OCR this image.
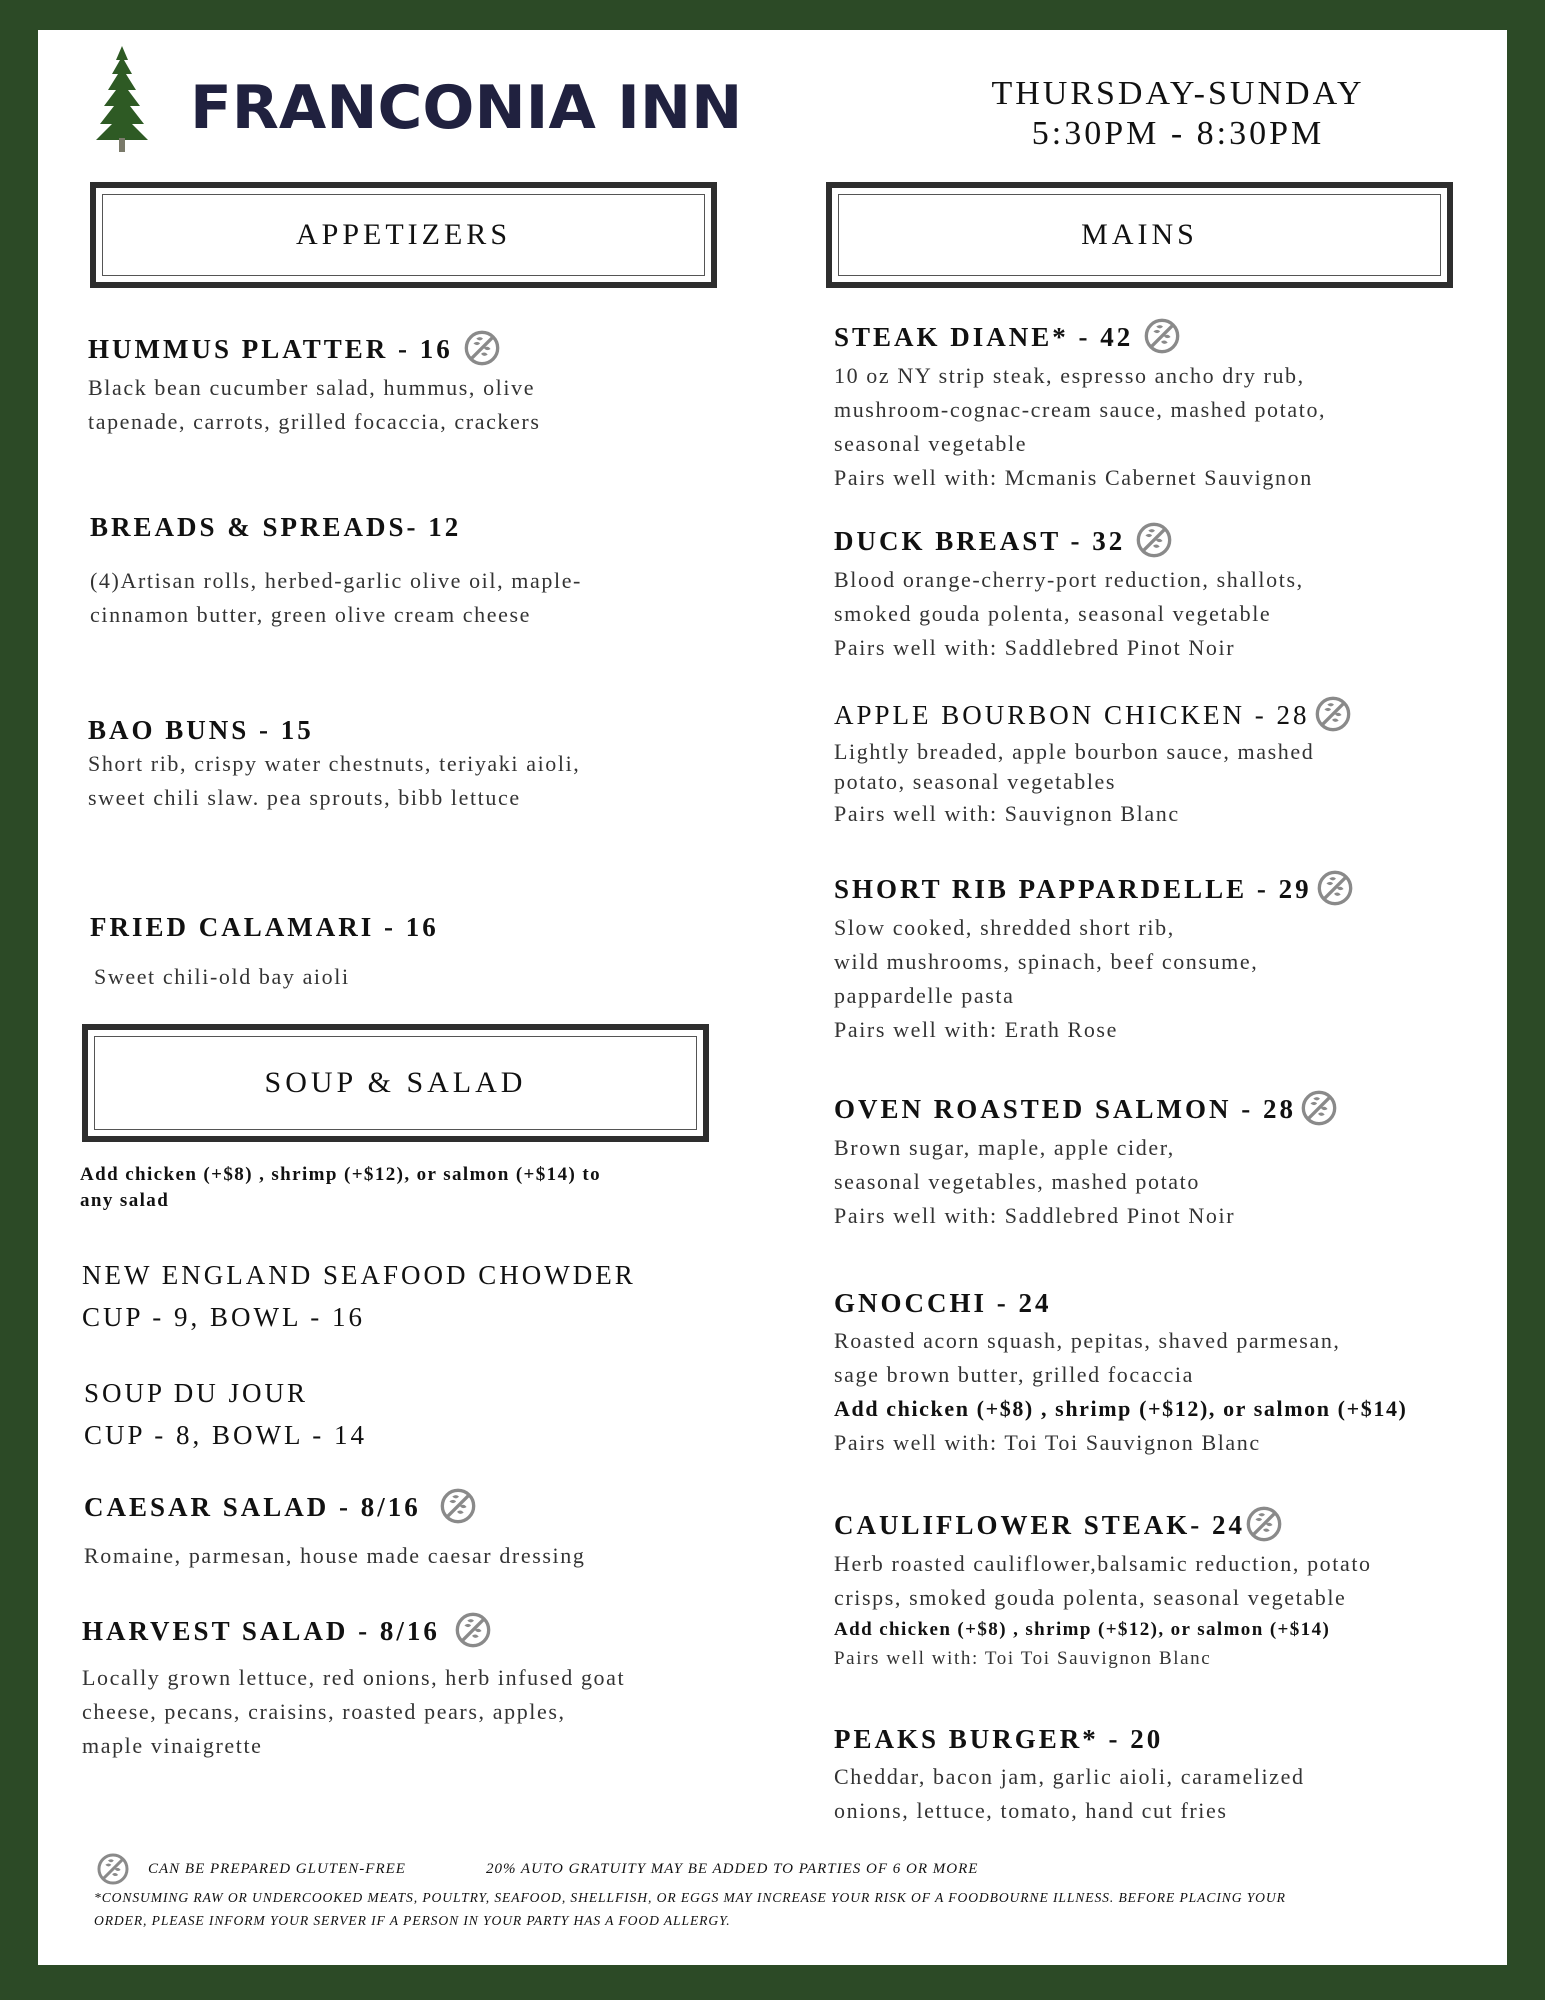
FRANCONIA INN	THURSDAY-SUNDAY
5:30PM - 8:30PM
APPETIZERS	MAINS
HUMMUS PLATTER - 16
Black bean cucumber salad, hummus, olive
tapenade, carrots, grilled focaccia, crackers
BREADS & SPREADS- 12
(4)Artisan rolls, herbed-garlic olive oil, maple-
cinnamon butter, green olive cream cheese
BAO BUNS - 15
Short rib, crispy water chestnuts, teriyaki aioli,
sweet chili slaw. pea sprouts, bibb lettuce
FRIED CALAMARI - 16
Sweet chili-old bay aioli
SOUP & SALAD
Add chicken (+$8) , shrimp (+$12), or salmon (+$14) to
any salad
NEW ENGLAND SEAFOOD CHOWDER
CUP - 9, BOWL - 16
SOUP DU JOUR
CUP - 8, BOWL - 14
CAESAR SALAD - 8/16
Romaine, parmesan, house made caesar dressing
HARVEST SALAD - 8/16
Locally grown lettuce, red onions, herb infused goat
cheese, pecans, craisins, roasted pears, apples,
maple vinaigrette
STEAK DIANE* - 42
10 oz NY strip steak, espresso ancho dry rub,
mushroom-cognac-cream sauce, mashed potato,
seasonal vegetable
Pairs well with: Mcmanis Cabernet Sauvignon
DUCK BREAST - 32
Blood orange-cherry-port reduction, shallots,
smoked gouda polenta, seasonal vegetable
Pairs well with: Saddlebred Pinot Noir
APPLE BOURBON CHICKEN - 28
Lightly breaded, apple bourbon sauce, mashed
potato, seasonal vegetables
Pairs well with: Sauvignon Blanc
SHORT RIB PAPPARDELLE - 29
Slow cooked, shredded short rib,
wild mushrooms, spinach, beef consume,
pappardelle pasta
Pairs well with: Erath Rose
OVEN ROASTED SALMON - 28
Brown sugar, maple, apple cider,
seasonal vegetables, mashed potato
Pairs well with: Saddlebred Pinot Noir
GNOCCHI - 24
Roasted acorn squash, pepitas, shaved parmesan,
sage brown butter, grilled focaccia
Add chicken (+$8) , shrimp (+$12), or salmon (+$14)
Pairs well with: Toi Toi Sauvignon Blanc
CAULIFLOWER STEAK- 24
Herb roasted cauliflower,balsamic reduction, potato
crisps, smoked gouda polenta, seasonal vegetable
Add chicken (+$8) , shrimp (+$12), or salmon (+$14)
Pairs well with: Toi Toi Sauvignon Blanc
PEAKS BURGER* - 20
Cheddar, bacon jam, garlic aioli, caramelized
onions, lettuce, tomato, hand cut fries
CAN BE PREPARED GLUTEN-FREE	20% AUTO GRATUITY MAY BE ADDED TO PARTIES OF 6 OR MORE
*CONSUMING RAW OR UNDERCOOKED MEATS, POULTRY, SEAFOOD, SHELLFISH, OR EGGS MAY INCREASE YOUR RISK OF A FOODBOURNE ILLNESS. BEFORE PLACING YOUR
ORDER, PLEASE INFORM YOUR SERVER IF A PERSON IN YOUR PARTY HAS A FOOD ALLERGY.
